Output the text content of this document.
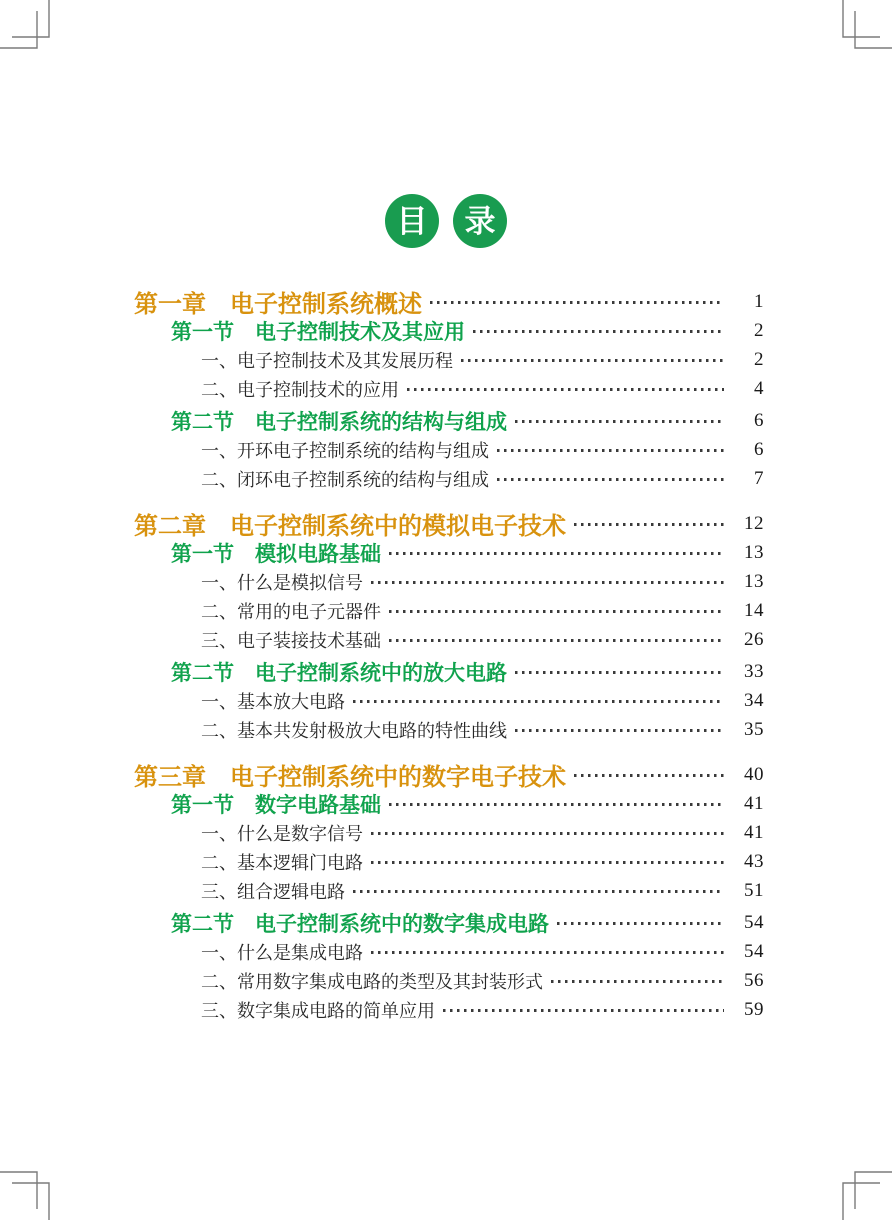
目	录
第一章　电子控制系统概述	1
第一节　电子控制技术及其应用	2
一、电子控制技术及其发展历程	2
二、电子控制技术的应用	4
第二节　电子控制系统的结构与组成	6
一、开环电子控制系统的结构与组成	6
二、闭环电子控制系统的结构与组成	7
第二章　电子控制系统中的模拟电子技术	12
第一节　模拟电路基础	13
一、什么是模拟信号	13
二、常用的电子元器件	14
三、电子装接技术基础	26
第二节　电子控制系统中的放大电路	33
一、基本放大电路	34
二、基本共发射极放大电路的特性曲线	35
第三章　电子控制系统中的数字电子技术	40
第一节　数字电路基础	41
一、什么是数字信号	41
二、基本逻辑门电路	43
三、组合逻辑电路	51
第二节　电子控制系统中的数字集成电路	54
一、什么是集成电路	54
二、常用数字集成电路的类型及其封装形式	56
三、数字集成电路的简单应用	59
